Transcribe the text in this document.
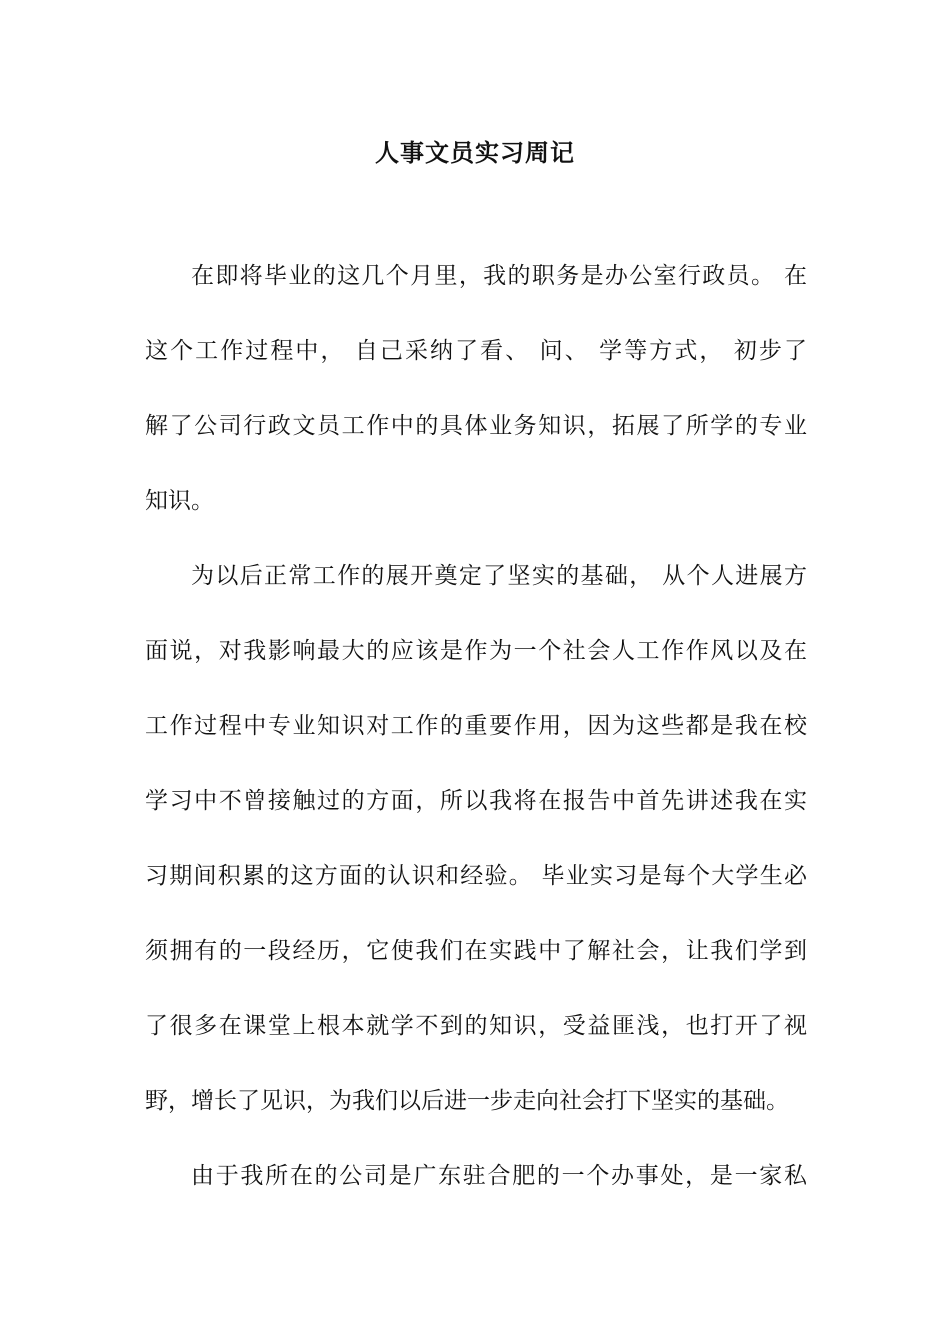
人事文员实习周记
在即将毕业的这几个月里，我的职务是办公室行政员。 在
这个工作过程中， 自己采纳了看、 问、 学等方式， 初步了
解了公司行政文员工作中的具体业务知识，拓展了所学的专业
知识。
为以后正常工作的展开奠定了坚实的基础， 从个人进展方
面说，对我影响最大的应该是作为一个社会人工作作风以及在
工作过程中专业知识对工作的重要作用，因为这些都是我在校
学习中不曾接触过的方面，所以我将在报告中首先讲述我在实
习期间积累的这方面的认识和经验。 毕业实习是每个大学生必
须拥有的一段经历，它使我们在实践中了解社会，让我们学到
了很多在课堂上根本就学不到的知识，受益匪浅，也打开了视
野，增长了见识，为我们以后进一步走向社会打下坚实的基础。
由于我所在的公司是广东驻合肥的一个办事处，是一家私
